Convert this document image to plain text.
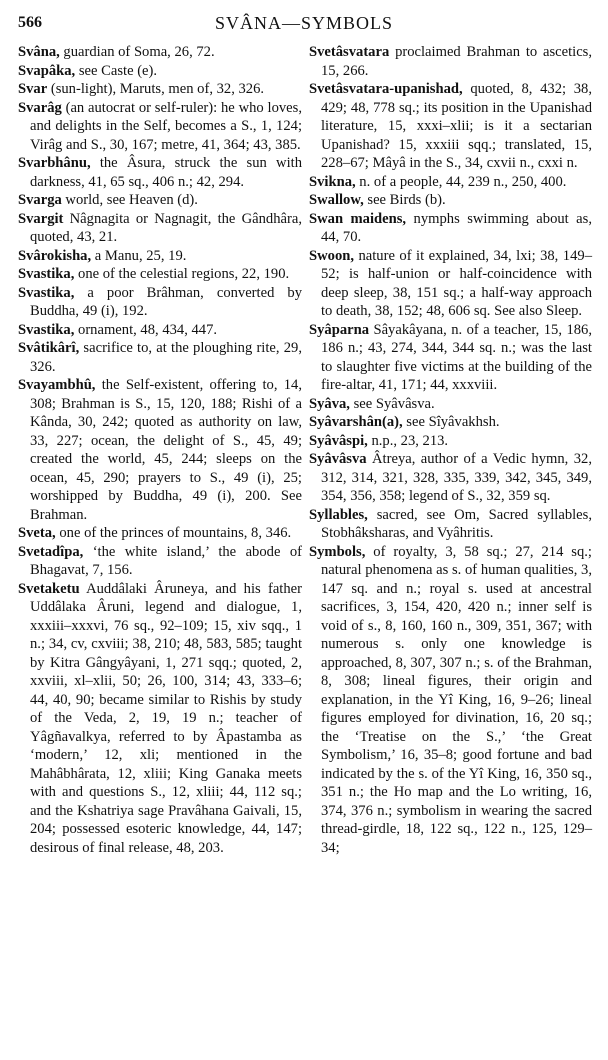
566	SVÂNA—SYMBOLS

Svâna, guardian of Soma, 26, 72.

Svapâka, see Caste (e).

Svar (sun-light), Maruts, men of, 32, 326.

Svarâg (an autocrat or self-ruler): he who loves, and delights in the Self, becomes a S., 1, 124; Virâg and S., 30, 167; metre, 41, 364; 43, 385.

Svarbhânu, the Âsura, struck the sun with darkness, 41, 65 sq., 406 n.; 42, 294.

Svarga world, see Heaven (d).

Svargit Nâgnagita or Nagnagit, the Gândhâra, quoted, 43, 21.

Svârokisha, a Manu, 25, 19.

Svastika, one of the celestial regions, 22, 190.

Svastika, a poor Brâhman, converted by Buddha, 49 (i), 192.

Svastika, ornament, 48, 434, 447.

Svâtikârî, sacrifice to, at the ploughing rite, 29, 326.

Svayambhû, the Self-existent, offering to, 14, 308; Brahman is S., 15, 120, 188; Rishi of a Kânda, 30, 242; quoted as authority on law, 33, 227; ocean, the delight of S., 45, 49; created the world, 45, 244; sleeps on the ocean, 45, 290; prayers to S., 49 (i), 25; worshipped by Buddha, 49 (i), 200. See Brahman.

Sveta, one of the princes of mountains, 8, 346.

Svetadîpa, ‘the white island,’ the abode of Bhagavat, 7, 156.

Svetaketu Auddâlaki Âruneya, and his father Uddâlaka Âruni, legend and dialogue, 1, xxxiii–xxxvi, 76 sq., 92–109; 15, xiv sqq., 1 n.; 34, cv, cxviii; 38, 210; 48, 583, 585; taught by Kitra Gângyâyani, 1, 271 sqq.; quoted, 2, xxviii, xl–xlii, 50; 26, 100, 314; 43, 333–6; 44, 40, 90; became similar to Rishis by study of the Veda, 2, 19, 19 n.; teacher of Yâgñavalkya, referred to by Âpastamba as ‘modern,’ 12, xli; mentioned in the Mahâbhârata, 12, xliii; King Ganaka meets with and questions S., 12, xliii; 44, 112 sq.; and the Kshatriya sage Pravâhana Gaivali, 15, 204; possessed esoteric knowledge, 44, 147; desirous of final release, 48, 203.

Svetâsvatara proclaimed Brahman to ascetics, 15, 266.

Svetâsvatara-upanishad, quoted, 8, 432; 38, 429; 48, 778 sq.; its position in the Upanishad literature, 15, xxxi–xlii; is it a sectarian Upanishad? 15, xxxiii sqq.; translated, 15, 228–67; Mâyâ in the S., 34, cxvii n., cxxi n.

Svikna, n. of a people, 44, 239 n., 250, 400.

Swallow, see Birds (b).

Swan maidens, nymphs swimming about as, 44, 70.

Swoon, nature of it explained, 34, lxi; 38, 149–52; is half-union or half-coincidence with deep sleep, 38, 151 sq.; a half-way approach to death, 38, 152; 48, 606 sq. See also Sleep.

Syâparna Sâyakâyana, n. of a teacher, 15, 186, 186 n.; 43, 274, 344, 344 sq. n.; was the last to slaughter five victims at the building of the fire-altar, 41, 171; 44, xxxviii.

Syâva, see Syâvâsva.

Syâvarshân(a), see Sîyâvakhsh.

Syâvâspi, n.p., 23, 213.

Syâvâsva Âtreya, author of a Vedic hymn, 32, 312, 314, 321, 328, 335, 339, 342, 345, 349, 354, 356, 358; legend of S., 32, 359 sq.

Syllables, sacred, see Om, Sacred syllables, Stobhâksharas, and Vyâhritis.

Symbols, of royalty, 3, 58 sq.; 27, 214 sq.; natural phenomena as s. of human qualities, 3, 147 sq. and n.; royal s. used at ancestral sacrifices, 3, 154, 420, 420 n.; inner self is void of s., 8, 160, 160 n., 309, 351, 367; with numerous s. only one knowledge is approached, 8, 307, 307 n.; s. of the Brahman, 8, 308; lineal figures, their origin and explanation, in the Yî King, 16, 9–26; lineal figures employed for divination, 16, 20 sq.; the ‘Treatise on the S.,’ ‘the Great Symbolism,’ 16, 35–8; good fortune and bad indicated by the s. of the Yî King, 16, 350 sq., 351 n.; the Ho map and the Lo writing, 16, 374, 376 n.; symbolism in wearing the sacred thread-girdle, 18, 122 sq., 122 n., 125, 129–34;
